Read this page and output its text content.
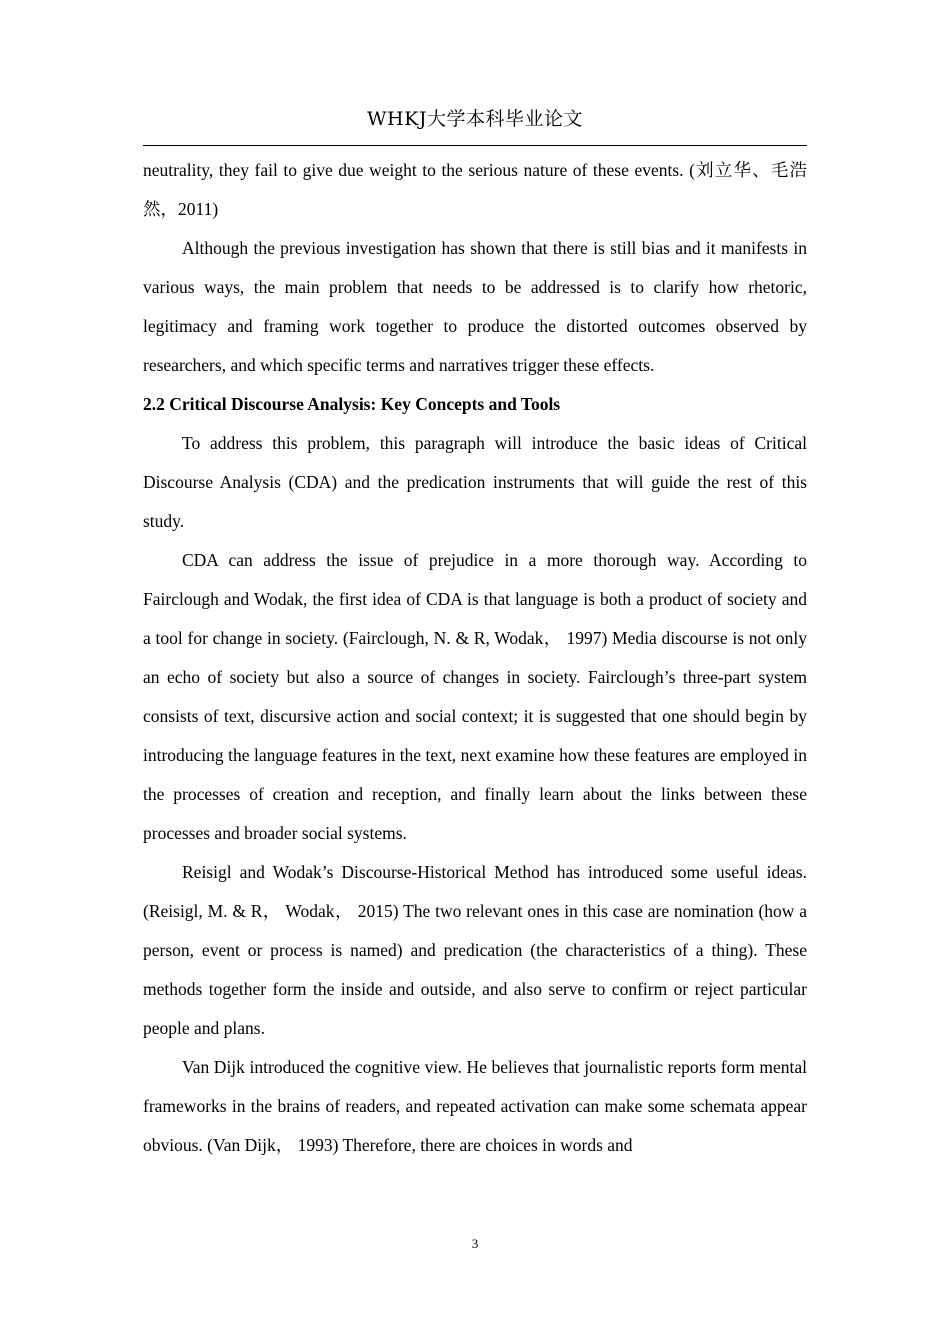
WHKJ大学本科毕业论文

neutrality, they fail to give due weight to the serious nature of these events. (刘立华、毛浩然，2011)

Although the previous investigation has shown that there is still bias and it manifests in various ways, the main problem that needs to be addressed is to clarify how rhetoric, legitimacy and framing work together to produce the distorted outcomes observed by researchers, and which specific terms and narratives trigger these effects.

2.2 Critical Discourse Analysis: Key Concepts and Tools

To address this problem, this paragraph will introduce the basic ideas of Critical Discourse Analysis (CDA) and the predication instruments that will guide the rest of this study.

CDA can address the issue of prejudice in a more thorough way. According to Fairclough and Wodak, the first idea of CDA is that language is both a product of society and a tool for change in society. (Fairclough, N. & R, Wodak， 1997) Media discourse is not only an echo of society but also a source of changes in society. Fairclough’s three-part system consists of text, discursive action and social context; it is suggested that one should begin by introducing the language features in the text, next examine how these features are employed in the processes of creation and reception, and finally learn about the links between these processes and broader social systems.

Reisigl and Wodak’s Discourse-Historical Method has introduced some useful ideas. (Reisigl, M. & R， Wodak， 2015) The two relevant ones in this case are nomination (how a person, event or process is named) and predication (the characteristics of a thing). These methods together form the inside and outside, and also serve to confirm or reject particular people and plans.

Van Dijk introduced the cognitive view. He believes that journalistic reports form mental frameworks in the brains of readers, and repeated activation can make some schemata appear obvious. (Van Dijk， 1993) Therefore, there are choices in words and

3
